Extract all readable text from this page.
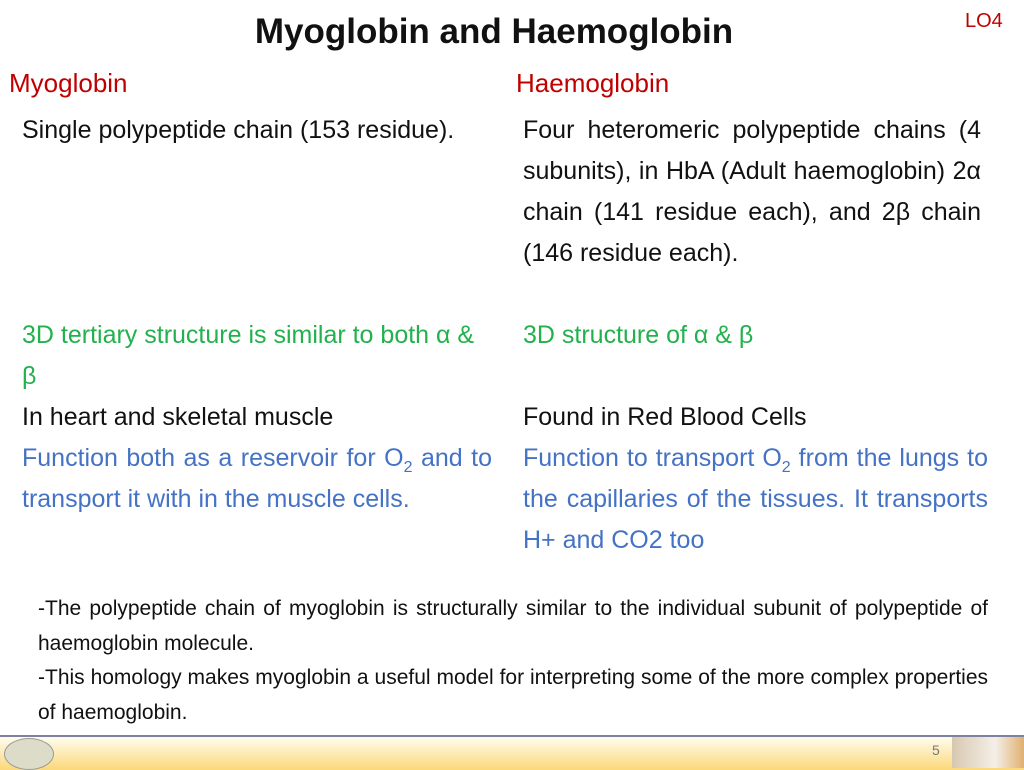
Myoglobin and Haemoglobin	LO4
Myoglobin	Haemoglobin
Single polypeptide chain (153 residue).
3D tertiary structure is similar to both α & β
In heart and skeletal muscle
Function both as a reservoir for $O_2$ and to transport it with in the muscle cells.
Four heteromeric polypeptide chains (4 subunits), in HbA (Adult haemoglobin) 2α chain (141 residue each), and 2β chain (146 residue each).
3D structure of α & β
Found in Red Blood Cells
Function to transport $O_2$ from the lungs to the capillaries of the tissues. It transports H+ and CO2 too
-The polypeptide chain of myoglobin is structurally similar to the individual subunit of polypeptide of haemoglobin molecule.
-This homology makes myoglobin a useful model for interpreting some of the more complex properties of haemoglobin.
5
